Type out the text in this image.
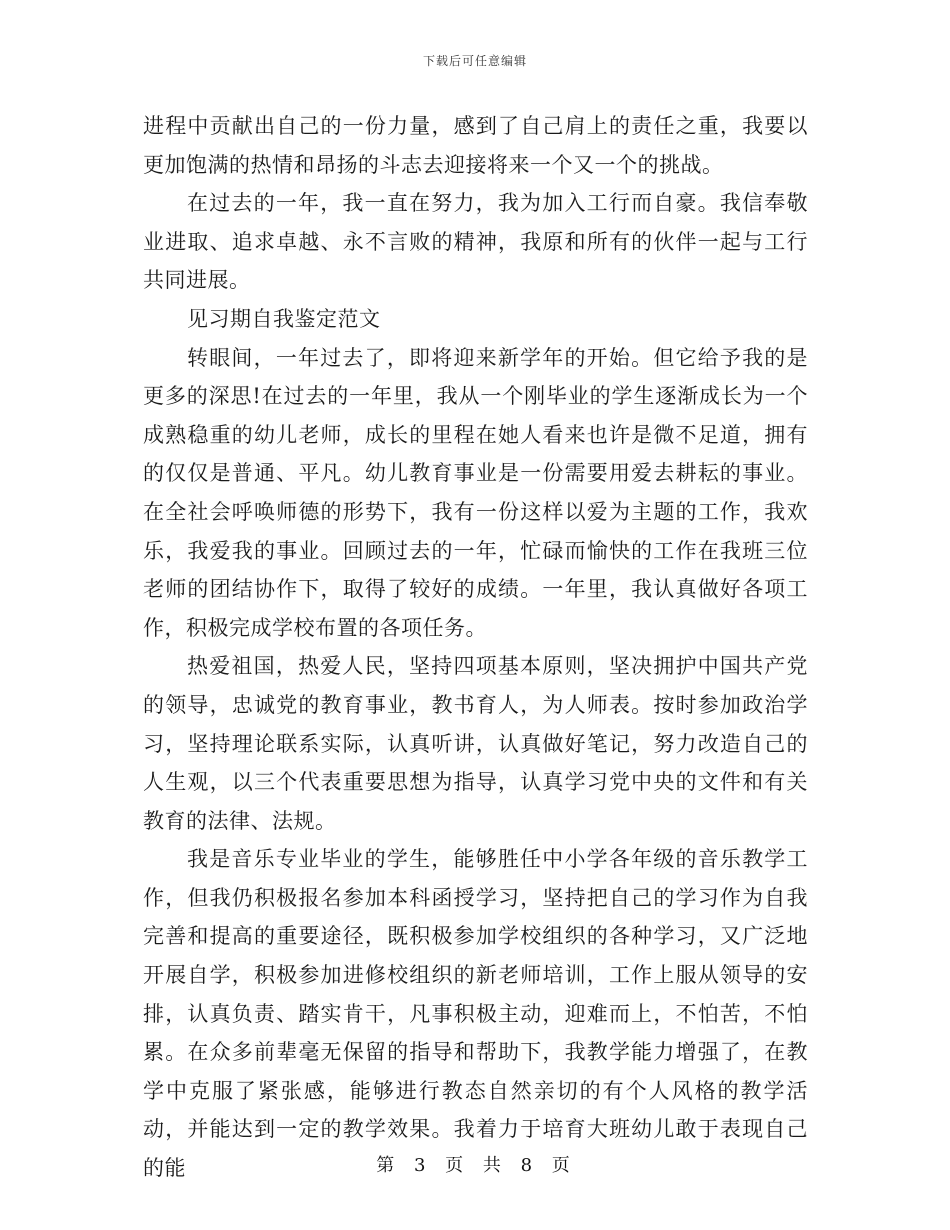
下载后可任意编辑

进程中贡献出自己的一份力量，感到了自己肩上的责任之重，我要以更加饱满的热情和昂扬的斗志去迎接将来一个又一个的挑战。

在过去的一年，我一直在努力，我为加入工行而自豪。我信奉敬业进取、追求卓越、永不言败的精神，我原和所有的伙伴一起与工行共同进展。

见习期自我鉴定范文

转眼间，一年过去了，即将迎来新学年的开始。但它给予我的是更多的深思!在过去的一年里，我从一个刚毕业的学生逐渐成长为一个成熟稳重的幼儿老师，成长的里程在她人看来也许是微不足道，拥有的仅仅是普通、平凡。幼儿教育事业是一份需要用爱去耕耘的事业。在全社会呼唤师德的形势下，我有一份这样以爱为主题的工作，我欢乐，我爱我的事业。回顾过去的一年，忙碌而愉快的工作在我班三位老师的团结协作下，取得了较好的成绩。一年里，我认真做好各项工作，积极完成学校布置的各项任务。

热爱祖国，热爱人民，坚持四项基本原则，坚决拥护中国共产党的领导，忠诚党的教育事业，教书育人，为人师表。按时参加政治学习，坚持理论联系实际，认真听讲，认真做好笔记，努力改造自己的人生观，以三个代表重要思想为指导，认真学习党中央的文件和有关教育的法律、法规。

我是音乐专业毕业的学生，能够胜任中小学各年级的音乐教学工作，但我仍积极报名参加本科函授学习，坚持把自己的学习作为自我完善和提高的重要途径，既积极参加学校组织的各种学习，又广泛地开展自学，积极参加进修校组织的新老师培训，工作上服从领导的安排，认真负责、踏实肯干，凡事积极主动，迎难而上，不怕苦，不怕累。在众多前辈毫无保留的指导和帮助下，我教学能力增强了，在教学中克服了紧张感，能够进行教态自然亲切的有个人风格的教学活动，并能达到一定的教学效果。我着力于培育大班幼儿敢于表现自己的能	第 3 页 共 8 页
